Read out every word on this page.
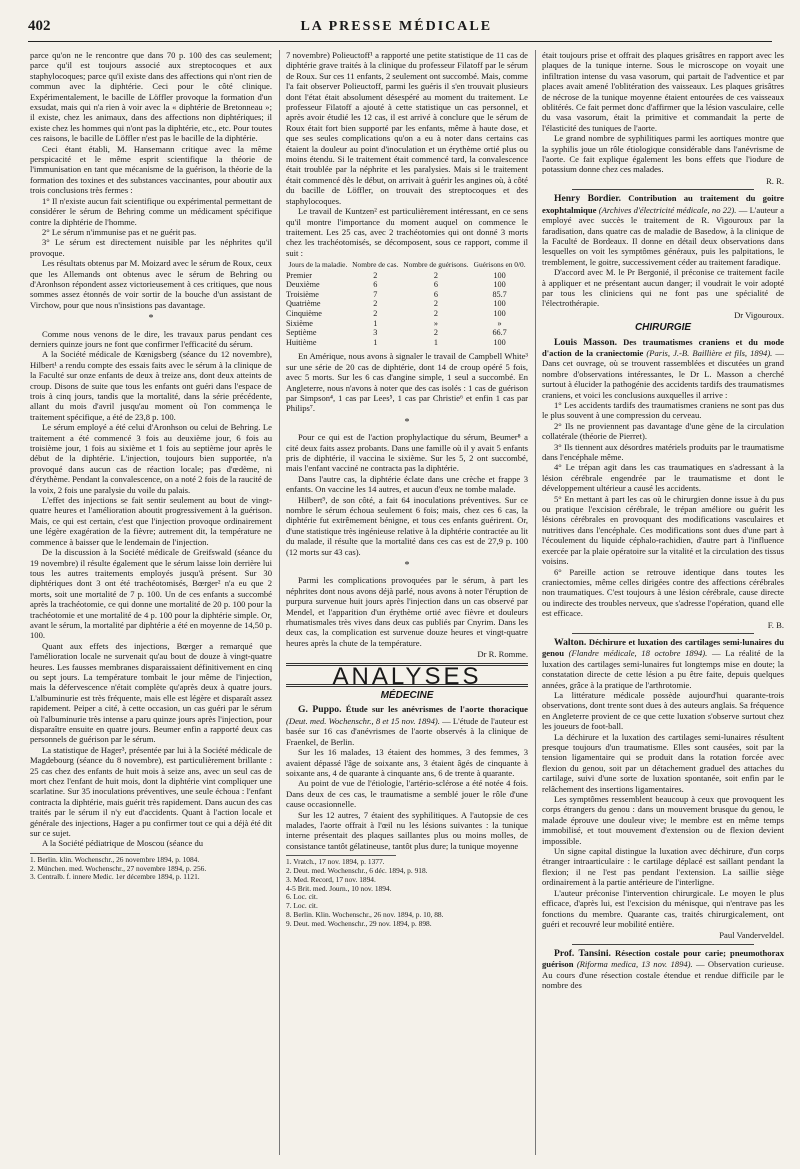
402	LA PRESSE MÉDICALE

parce qu'on ne le rencontre que dans 70 p. 100 des cas seulement; parce qu'il est toujours associé aux streptocoques et aux staphylocoques; parce qu'il existe dans des affections qui n'ont rien de commun avec la diphtérie. Ceci pour le côté clinique. Expérimentalement, le bacille de Löffler provoque la formation d'un exsudat, mais qui n'a rien à voir avec la « diphtérie de Bretonneau »; il existe, chez les animaux, dans des affections non diphtériques; il existe chez les hommes qui n'ont pas la diphtérie, etc., etc. Pour toutes ces raisons, le bacille de Löffler n'est pas le bacille de la diphtérie.

Ceci étant établi, M. Hansemann critique avec la même perspicacité et le même esprit scientifique la théorie de l'immunisation en tant que mécanisme de la guérison, la théorie de la formation des toxines et des substances vaccinantes, pour aboutir aux trois conclusions très fermes :

1° Il n'existe aucun fait scientifique ou expérimental permettant de considérer le sérum de Behring comme un médicament spécifique contre la diphtérie de l'homme.

2° Le sérum n'immunise pas et ne guérit pas.

3° Le sérum est directement nuisible par les néphrites qu'il provoque.

Les résultats obtenus par M. Moizard avec le sérum de Roux, ceux que les Allemands ont obtenus avec le sérum de Behring ou d'Aronhson répondent assez victorieusement à ces critiques, que nous sommes assez étonnés de voir sortir de la bouche d'un assistant de Virchow, pour que nous n'insistions pas davantage.

*

Comme nous venons de le dire, les travaux parus pendant ces derniers quinze jours ne font que confirmer l'efficacité du sérum.

A la Société médicale de Kœnigsberg (séance du 12 novembre), Hilbert¹ a rendu compte des essais faits avec le sérum à la clinique de la Faculté sur onze enfants de deux à treize ans, dont deux atteints de croup. Disons de suite que tous les enfants ont guéri dans l'espace de trois à cinq jours, tandis que la mortalité, dans la série précédente, allant du mois d'avril jusqu'au moment où l'on commença le traitement spécifique, a été de 23,8 p. 100.

Le sérum employé a été celui d'Aronhson ou celui de Behring. Le traitement a été commencé 3 fois au deuxième jour, 6 fois au troisième jour, 1 fois au sixième et 1 fois au septième jour après le début de la diphtérie. L'injection, toujours bien supportée, n'a provoqué dans aucun cas de réaction locale; pas d'œdème, ni d'érythème. Pendant la convalescence, on a noté 2 fois de la raucité de la voix, 2 fois une paralysie du voile du palais.

L'effet des injections se fait sentir seulement au bout de vingt-quatre heures et l'amélioration aboutit progressivement à la guérison. Mais, ce qui est certain, c'est que l'injection provoque ordinairement une légère exagération de la fièvre; autrement dit, la température ne commence à baisser que le lendemain de l'injection.

De la discussion à la Société médicale de Greifswald (séance du 19 novembre) il résulte également que le sérum laisse loin derrière lui tous les autres traitements employés jusqu'à présent. Sur 30 diphtériques dont 3 ont été trachéotomisés, Bœrger² n'a eu que 2 morts, soit une mortalité de 7 p. 100. Un de ces enfants a succombé après la trachéotomie, ce qui donne une mortalité de 20 p. 100 pour la trachéotomie et une mortalité de 4 p. 100 pour la diphtérie simple. Or, avant le sérum, la mortalité par diphtérie a été en moyenne de 14,50 p. 100.

Quant aux effets des injections, Bœrger a remarqué que l'amélioration locale ne survenait qu'au bout de douze à vingt-quatre heures. Les fausses membranes disparaissaient définitivement en cinq ou sept jours. La température tombait le jour même de l'injection, mais la défervescence n'était complète qu'après deux à quatre jours. L'albuminurie est très fréquente, mais elle est légère et disparaît assez rapidement. Peiper a cité, à cette occasion, un cas guéri par le sérum où l'albuminurie très intense a paru quinze jours après l'injection, pour disparaître ensuite en quatre jours. Beumer enfin a rapporté deux cas personnels de guérison par le sérum.

La statistique de Hager³, présentée par lui à la Société médicale de Magdebourg (séance du 8 novembre), est particulièrement brillante : 25 cas chez des enfants de huit mois à seize ans, avec un seul cas de mort chez l'enfant de huit mois, dont la diphtérie vint compliquer une scarlatine. Sur 35 inoculations préventives, une seule échoua : l'enfant contracta la diphtérie, mais guérit très rapidement. Dans aucun des cas traités par le sérum il n'y eut d'accidents. Quant à l'action locale et générale des injections, Hager a pu confirmer tout ce qui a déjà été dit sur ce sujet.

A la Société pédiatrique de Moscou (séance du

1. Berlin. klin. Wochenschr., 26 novembre 1894, p. 1084.

2. München. med. Wochenschr., 27 novembre 1894, p. 256.

3. Centralb. f. innere Medic. 1er décembre 1894, p. 1121.

7 novembre) Polieuctoff¹ a rapporté une petite statistique de 11 cas de diphtérie grave traités à la clinique du professeur Filatoff par le sérum de Roux. Sur ces 11 enfants, 2 seulement ont succombé. Mais, comme l'a fait observer Polieuctoff, parmi les guéris il s'en trouvait plusieurs dont l'état était absolument désespéré au moment du traitement. Le professeur Filatoff a ajouté à cette statistique un cas personnel, et après avoir étudié les 12 cas, il est arrivé à conclure que le sérum de Roux était fort bien supporté par les enfants, même à haute dose, et que ses seules complications qu'on a eu à noter dans certains cas étaient la douleur au point d'inoculation et un érythème ortié plus ou moins étendu. Si le traitement était commencé tard, la convalescence était troublée par la néphrite et les paralysies. Mais si le traitement était commencé dès le début, on arrivait à guérir les angines où, à côté du bacille de Löffler, on trouvait des streptocoques et des staphylocoques.

Le travail de Kuntzen² est particulièrement intéressant, en ce sens qu'il montre l'importance du moment auquel on commence le traitement. Les 25 cas, avec 2 trachéotomies qui ont donné 3 morts chez les trachéotomisés, se décomposent, sous ce rapport, comme il suit :

Jours de la maladie.	Nombre de cas.	Nombre de guérisons.	Guérisons en 0/0.
Premier	2	2	100
Deuxième	6	6	100
Troisième	7	6	85.7
Quatrième	2	2	100
Cinquième	2	2	100
Sixième	1	»	»
Septième	3	2	66.7
Huitième	1	1	100

En Amérique, nous avons à signaler le travail de Campbell White³ sur une série de 20 cas de diphtérie, dont 14 de croup opéré 5 fois, avec 5 morts. Sur les 6 cas d'angine simple, 1 seul a succombé. En Angleterre, nous n'avons à noter que des cas isolés : 1 cas de guérison par Simpson⁴, 1 cas par Lees⁵, 1 cas par Christie⁶ et enfin 1 cas par Philips⁷.

*

Pour ce qui est de l'action prophylactique du sérum, Beumer⁸ a cité deux faits assez probants. Dans une famille où il y avait 5 enfants pris de diphtérie, il vaccina le sixième. Sur les 5, 2 ont succombé, mais l'enfant vacciné ne contracta pas la diphtérie.

Dans l'autre cas, la diphtérie éclate dans une crèche et frappe 3 enfants. On vaccine les 14 autres, et aucun d'eux ne tombe malade.

Hilbert⁹, de son côté, a fait 64 inoculations préventives. Sur ce nombre le sérum échoua seulement 6 fois; mais, chez ces 6 cas, la diphtérie fut extrêmement bénigne, et tous ces enfants guérirent. Or, d'une statistique très ingénieuse relative à la diphtérie contractée au lit du malade, il résulte que la mortalité dans ces cas est de 27,9 p. 100 (12 morts sur 43 cas).

*

Parmi les complications provoquées par le sérum, à part les néphrites dont nous avons déjà parlé, nous avons à noter l'éruption de purpura survenue huit jours après l'injection dans un cas observé par Mendel, et l'apparition d'un érythème ortié avec fièvre et douleurs rhumatismales très vives dans deux cas publiés par Cnyrim. Dans les deux cas, la complication est survenue douze heures et vingt-quatre heures après la chute de la température.

Dr R. Romme.
ANALYSES
MÉDECINE

G. Puppo. Étude sur les anévrismes de l'aorte thoracique (Deut. med. Wochenschr., 8 et 15 nov. 1894). — L'étude de l'auteur est basée sur 16 cas d'anévrismes de l'aorte observés à la clinique de Fraenkel, de Berlin.

Sur les 16 malades, 13 étaient des hommes, 3 des femmes, 3 avaient dépassé l'âge de soixante ans, 3 étaient âgés de cinquante à soixante ans, 4 de quarante à cinquante ans, 6 de trente à quarante.

Au point de vue de l'étiologie, l'artério-sclérose a été notée 4 fois. Dans deux de ces cas, le traumatisme a semblé jouer le rôle d'une cause occasionnelle.

Sur les 12 autres, 7 étaient des syphilitiques. A l'autopsie de ces malades, l'aorte offrait à l'œil nu les lésions suivantes : la tunique interne présentait des plaques saillantes plus ou moins molles, de consistance tantôt gélatineuse, tantôt plus dure; la tunique moyenne

1. Vratch., 17 nov. 1894, p. 1377.

2. Deut. med. Wochenschr., 6 déc. 1894, p. 918.

3. Med. Record, 17 nov. 1894.

4-5 Brit. med. Journ., 10 nov. 1894.

6. Loc. cit.

7. Loc. cit.

8. Berlin. Klin. Wochenschr., 26 nov. 1894, p. 10, 88.

9. Deut. med. Wochenschr., 29 nov. 1894, p. 898.

était toujours prise et offrait des plaques grisâtres en rapport avec les plaques de la tunique interne. Sous le microscope on voyait une infiltration intense du vasa vasorum, qui partait de l'adventice et par places avait amené l'oblitération des vaisseaux. Les plaques grisâtres de nécrose de la tunique moyenne étaient entourées de ces vaisseaux oblitérés. Ce fait permet donc d'affirmer que la lésion vasculaire, celle du vasa vasorum, était la primitive et commandait la perte de l'élasticité des tuniques de l'aorte.

Le grand nombre de syphilitiques parmi les aortiques montre que la syphilis joue un rôle étiologique considérable dans l'anévrisme de l'aorte. Ce fait explique également les bons effets que l'iodure de potassium donne chez ces malades.

R. R.

Henry Bordier. Contribution au traitement du goitre exophtalmique (Archives d'électricité médicale, no 22). — L'auteur a employé avec succès le traitement de R. Vigouroux par la faradisation, dans quatre cas de maladie de Basedow, à la clinique de la Faculté de Bordeaux. Il donne en détail deux observations dans lesquelles on voit les symptômes généraux, puis les palpitations, le tremblement, le goitre, successivement céder au traitement faradique.

D'accord avec M. le Pr Bergonié, il préconise ce traitement facile à appliquer et ne présentant aucun danger; il voudrait le voir adopté par tous les cliniciens qui ne font pas une spécialité de l'électrothérapie.

Dr Vigouroux.
CHIRURGIE

Louis Masson. Des traumatismes craniens et du mode d'action de la craniectomie (Paris, J.-B. Baillière et fils, 1894). — Dans cet ouvrage, où se trouvent rassemblées et discutées un grand nombre d'observations intéressantes, le Dr L. Masson a cherché surtout à élucider la pathogénie des accidents tardifs des traumatismes craniens, et voici les conclusions auxquelles il arrive :

1° Les accidents tardifs des traumatismes craniens ne sont pas dus le plus souvent à une compression du cerveau.

2° Ils ne proviennent pas davantage d'une gène de la circulation collatérale (théorie de Pierret).

3° Ils tiennent aux désordres matériels produits par le traumatisme dans l'encéphale même.

4° Le trépan agit dans les cas traumatiques en s'adressant à la lésion cérébrale engendrée par le traumatisme et dont le développement ultérieur a causé les accidents.

5° En mettant à part les cas où le chirurgien donne issue à du pus ou pratique l'excision cérébrale, le trépan améliore ou guérit les lésions cérébrales en provoquant des modifications vasculaires et nutritives dans l'encéphale. Ces modifications sont dues d'une part à l'écoulement du liquide céphalo-rachidien, d'autre part à l'influence exercée par la plaie opératoire sur la vitalité et la circulation des tissus voisins.

6° Pareille action se retrouve identique dans toutes les craniectomies, même celles dirigées contre des affections cérébrales non traumatiques. C'est toujours à une lésion cérébrale, cause directe ou indirecte des troubles nerveux, que s'adresse l'opération, quand elle est efficace.

F. B.

Walton. Déchirure et luxation des cartilages semi-lunaires du genou (Flandre médicale, 18 octobre 1894). — La réalité de la luxation des cartilages semi-lunaires fut longtemps mise en doute; la constatation directe de cette lésion a pu être faite, depuis quelques années, grâce à la pratique de l'arthrotomie.

La littérature médicale possède aujourd'hui quarante-trois observations, dont trente sont dues à des auteurs anglais. Sa fréquence en Angleterre provient de ce que cette luxation s'observe surtout chez les joueurs de foot-ball.

La déchirure et la luxation des cartilages semi-lunaires résultent presque toujours d'un traumatisme. Elles sont causées, soit par la tension ligamentaire qui se produit dans la rotation forcée avec flexion du genou, soit par un détachement graduel des attaches du cartilage, suivi d'une sorte de luxation spontanée, soit enfin par le relâchement des insertions ligamentaires.

Les symptômes ressemblent beaucoup à ceux que provoquent les corps étrangers du genou : dans un mouvement brusque du genou, le malade éprouve une douleur vive; le membre est en même temps immobilisé, et tout mouvement d'extension ou de flexion devient impossible.

Un signe capital distingue la luxation avec déchirure, d'un corps étranger intraarticulaire : le cartilage déplacé est saillant pendant la flexion; il ne l'est pas pendant l'extension. La saillie siège ordinairement à la partie antérieure de l'interligne.

L'auteur préconise l'intervention chirurgicale. Le moyen le plus efficace, d'après lui, est l'excision du ménisque, qui n'entrave pas les fonctions du membre. Quarante cas, traités chirurgicalement, ont guéri et recouvré leur mobilité entière.

Paul Vanderveldel.

Prof. Tansini. Résection costale pour carie; pneumothorax guérison (Riforma medica, 13 nov. 1894). — Observation curieuse. Au cours d'une résection costale étendue et rendue difficile par le nombre des
